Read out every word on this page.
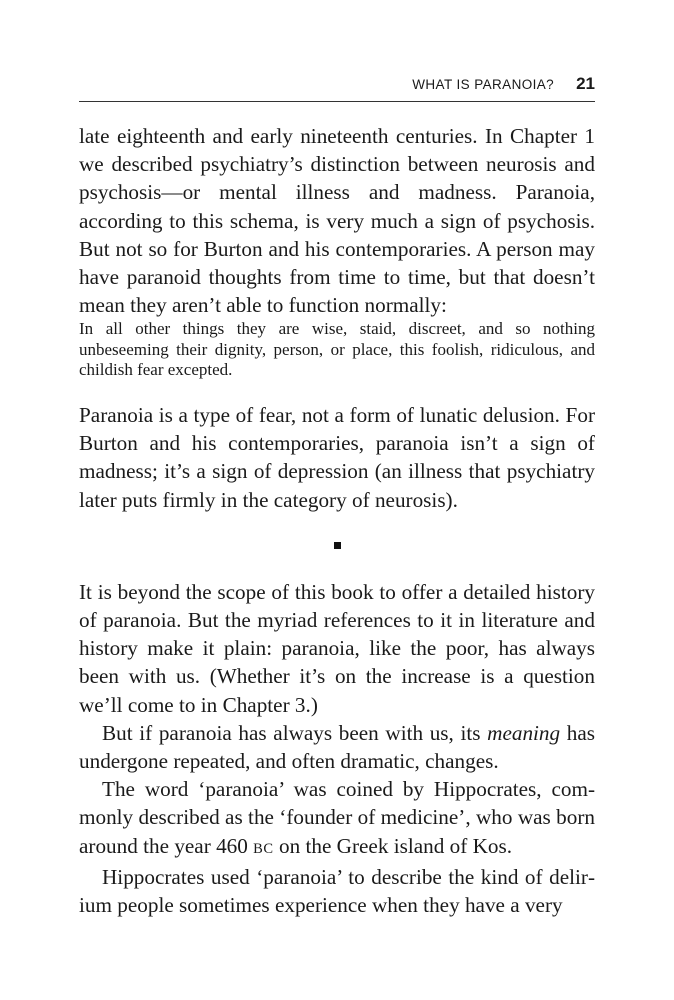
WHAT IS PARANOIA? 21

late eighteenth and early nineteenth centuries. In Chapter 1 we described psychiatry’s distinction between neurosis and psychosis—or mental illness and madness. Paranoia, according to this schema, is very much a sign of psychosis. But not so for Burton and his contemporaries. A person may have paranoid thoughts from time to time, but that doesn’t mean they aren’t able to function normally:

In all other things they are wise, staid, discreet, and so nothing unbeseeming their dignity, person, or place, this foolish, ridiculous, and childish fear excepted.

Paranoia is a type of fear, not a form of lunatic delusion. For Burton and his contemporaries, paranoia isn’t a sign of madness; it’s a sign of depression (an illness that psychiatry later puts firmly in the category of neurosis).

It is beyond the scope of this book to offer a detailed history of paranoia. But the myriad references to it in literature and history make it plain: paranoia, like the poor, has always been with us. (Whether it’s on the increase is a question we’ll come to in Chapter 3.)

But if paranoia has always been with us, its meaning has undergone repeated, and often dramatic, changes.

The word ‘paranoia’ was coined by Hippocrates, commonly described as the ‘founder of medicine’, who was born around the year 460 BC on the Greek island of Kos.

Hippocrates used ‘paranoia’ to describe the kind of delirium people sometimes experience when they have a very
